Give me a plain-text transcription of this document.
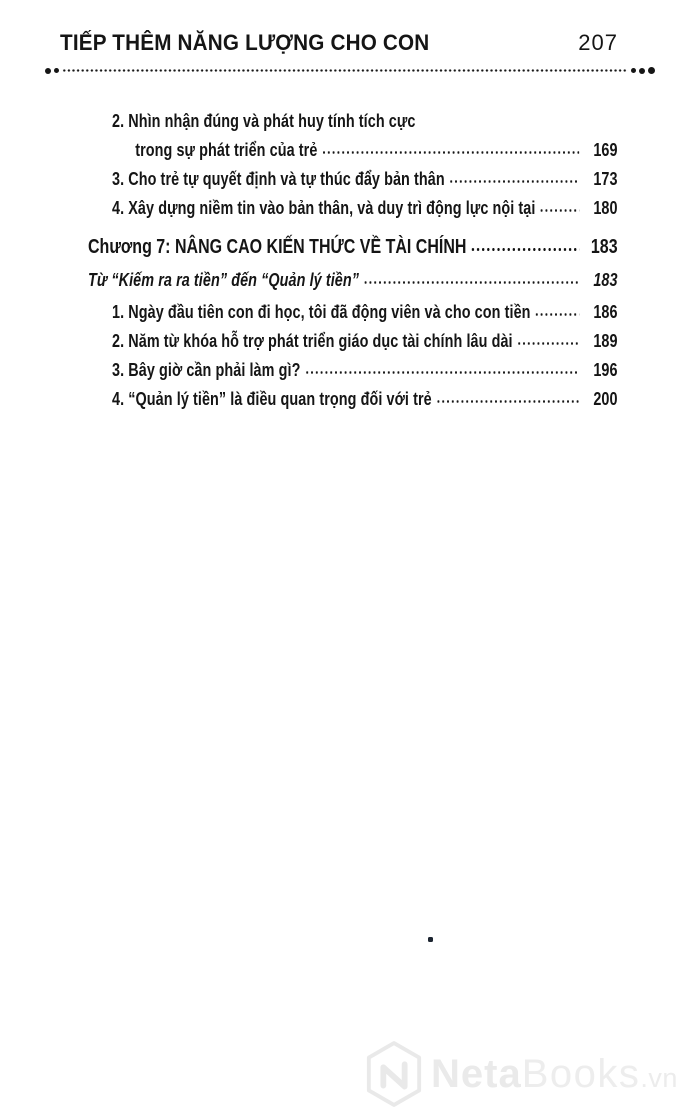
TIẾP THÊM NĂNG LƯỢNG CHO CON	207
2. Nhìn nhận đúng và phát huy tính tích cực
trong sự phát triển của trẻ	169
3. Cho trẻ tự quyết định và tự thúc đẩy bản thân	173
4. Xây dựng niềm tin vào bản thân, và duy trì động lực nội tại	180
Chương 7: NÂNG CAO KIẾN THỨC VỀ TÀI CHÍNH	183
Từ “Kiếm ra ra tiền” đến “Quản lý tiền”	183
1. Ngày đầu tiên con đi học, tôi đã động viên và cho con tiền	186
2. Năm từ khóa hỗ trợ phát triển giáo dục tài chính lâu dài	189
3. Bây giờ cần phải làm gì?	196
4. “Quản lý tiền” là điều quan trọng đối với trẻ	200
Neta Books .vn
